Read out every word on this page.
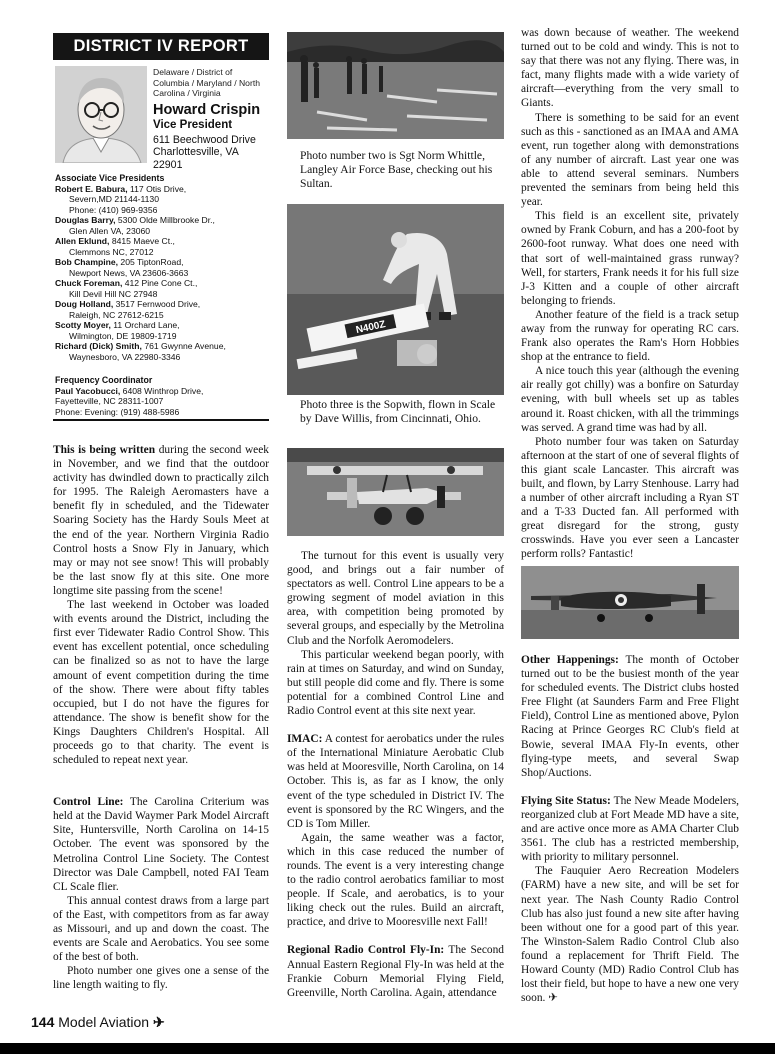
DISTRICT IV REPORT
Delaware / District of Columbia / Maryland / North Carolina / Virginia
Howard Crispin
Vice President
611 Beechwood Drive
Charlottesville, VA
22901
Associate Vice Presidents
Robert E. Babura, 117 Otis Drive,
Severn,MD 21144-1130
Phone: (410) 969-9356
Douglas Barry, 5300 Olde Millbrooke Dr.,
Glen Allen VA, 23060
Allen Eklund, 8415 Maeve Ct.,
Clemmons NC, 27012
Bob Champine, 205 TiptonRoad,
Newport News, VA 23606-3663
Chuck Foreman, 412 Pine Cone Ct.,
Kill Devil Hill NC 27948
Doug Holland, 3517 Fernwood Drive,
Raleigh, NC 27612-6215
Scotty Moyer, 11 Orchard Lane,
Wilmington, DE 19809-1719
Richard (Dick) Smith, 761 Gwynne Avenue,
Waynesboro, VA 22980-3346
Frequency Coordinator
Paul Yacobucci, 6408 Winthrop Drive,
Fayetteville, NC 28311-1007
Phone: Evening: (919) 488-5986

This is being written during the second week in November, and we find that the outdoor activity has dwindled down to practically zilch for 1995. The Raleigh Aeromasters have a benefit fly in scheduled, and the Tidewater Soaring Society has the Hardy Souls Meet at the end of the year. Northern Virginia Radio Control hosts a Snow Fly in January, which may or may not see snow! This will probably be the last snow fly at this site. One more longtime site passing from the scene!

The last weekend in October was loaded with events around the District, including the first ever Tidewater Radio Control Show. This event has excellent potential, once scheduling can be finalized so as not to have the large amount of event competition during the time of the show. There were about fifty tables occupied, but I do not have the figures for attendance. The show is benefit show for the Kings Daughters Children's Hospital. All proceeds go to that charity. The event is scheduled to repeat next year.

Control Line: The Carolina Criterium was held at the David Waymer Park Model Aircraft Site, Huntersville, North Carolina on 14-15 October. The event was sponsored by the Metrolina Control Line Society. The Contest Director was Dale Campbell, noted FAI Team CL Scale flier.

This annual contest draws from a large part of the East, with competitors from as far away as Missouri, and up and down the coast. The events are Scale and Aerobatics. You see some of the best of both.

Photo number one gives one a sense of the line length waiting to fly.

Photo number two is Sgt Norm Whittle, Langley Air Force Base, checking out his Sultan.
N400Z
Photo three is the Sopwith, flown in Scale by Dave Willis, from Cincinnati, Ohio.

The turnout for this event is usually very good, and brings out a fair number of spectators as well. Control Line appears to be a growing segment of model aviation in this area, with competition being promoted by several groups, and especially by the Metrolina Club and the Norfolk Aeromodelers.

This particular weekend began poorly, with rain at times on Saturday, and wind on Sunday, but still people did come and fly. There is some potential for a combined Control Line and Radio Control event at this site next year.

IMAC: A contest for aerobatics under the rules of the International Miniature Aerobatic Club was held at Mooresville, North Carolina, on 14 October. This is, as far as I know, the only event of the type scheduled in District IV. The event is sponsored by the RC Wingers, and the CD is Tom Miller.

Again, the same weather was a factor, which in this case reduced the number of rounds. The event is a very interesting change to the radio control aerobatics familiar to most people. If Scale, and aerobatics, is to your liking check out the rules. Build an aircraft, practice, and drive to Mooresville next Fall!

Regional Radio Control Fly-In: The Second Annual Eastern Regional Fly-In was held at the Frankie Coburn Memorial Flying Field, Greenville, North Carolina. Again, attendance

was down because of weather. The weekend turned out to be cold and windy. This is not to say that there was not any flying. There was, in fact, many flights made with a wide variety of aircraft—everything from the very small to Giants.

There is something to be said for an event such as this - sanctioned as an IMAA and AMA event, run together along with demonstrations of any number of aircraft. Last year one was able to attend several seminars. Numbers prevented the seminars from being held this year.

This field is an excellent site, privately owned by Frank Coburn, and has a 200-foot by 2600-foot runway. What does one need with that sort of well-maintained grass runway? Well, for starters, Frank needs it for his full size J-3 Kitten and a couple of other aircraft belonging to friends.

Another feature of the field is a track setup away from the runway for operating RC cars. Frank also operates the Ram's Horn Hobbies shop at the entrance to field.

A nice touch this year (although the evening air really got chilly) was a bonfire on Saturday evening, with bull wheels set up as tables around it. Roast chicken, with all the trimmings was served. A grand time was had by all.

Photo number four was taken on Saturday afternoon at the start of one of several flights of this giant scale Lancaster. This aircraft was built, and flown, by Larry Stenhouse. Larry had a number of other aircraft including a Ryan ST and a T-33 Ducted fan. All performed with great disregard for the strong, gusty crosswinds. Have you ever seen a Lancaster perform rolls? Fantastic!

Other Happenings: The month of October turned out to be the busiest month of the year for scheduled events. The District clubs hosted Free Flight (at Saunders Farm and Free Flight Field), Control Line as mentioned above, Pylon Racing at Prince Georges RC Club's field at Bowie, several IMAA Fly-In events, other flying-type meets, and several Swap Shop/Auctions.

Flying Site Status: The New Meade Modelers, reorganized club at Fort Meade MD have a site, and are active once more as AMA Charter Club 3561. The club has a restricted membership, with priority to military personnel.

The Fauquier Aero Recreation Modelers (FARM) have a new site, and will be set for next year. The Nash County Radio Control Club has also just found a new site after having been without one for a good part of this year. The Winston-Salem Radio Control Club also found a replacement for Thrift Field. The Howard County (MD) Radio Control Club has lost their field, but hope to have a new one very soon. ✈

144 Model Aviation ✈
